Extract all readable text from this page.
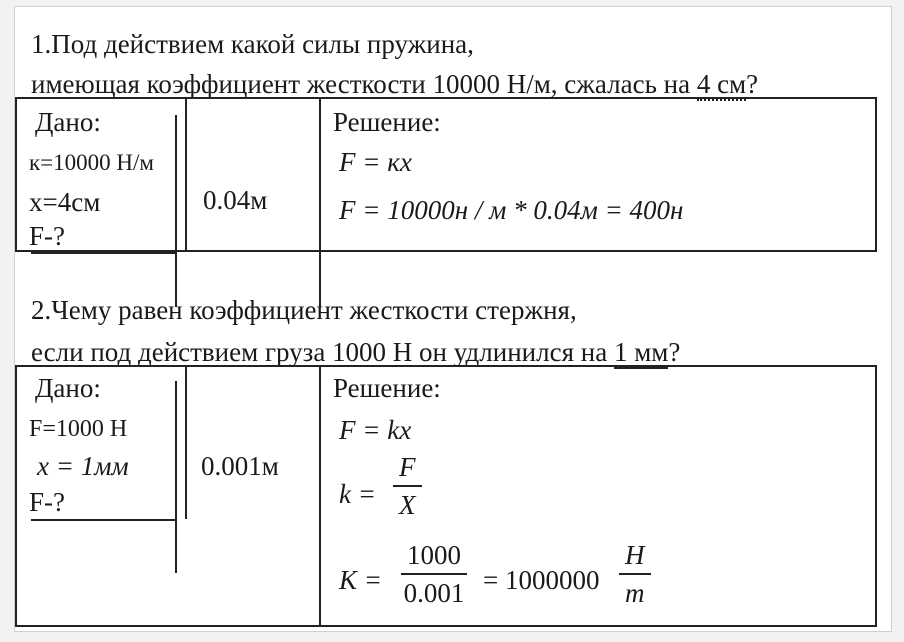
1.Под действием какой силы пружина,
имеющая коэффициент жесткости 10000 Н/м, сжалась на 4 см?
Дано:
к=10000 Н/м
х=4см
F-?
0.04м
Решение:
F = кx
F = 10000н / м * 0.04м = 400н
2.Чему равен коэффициент жесткости стержня,
если под действием груза 1000 Н он удлинился на 1 мм?
Дано:
F=1000 Н
x = 1мм
F-?
0.001м
Решение:
F = kx
$k = \frac{F}{X}$
$K = \frac{1000}{0.001} = 1000000 \frac{H}{m}$
